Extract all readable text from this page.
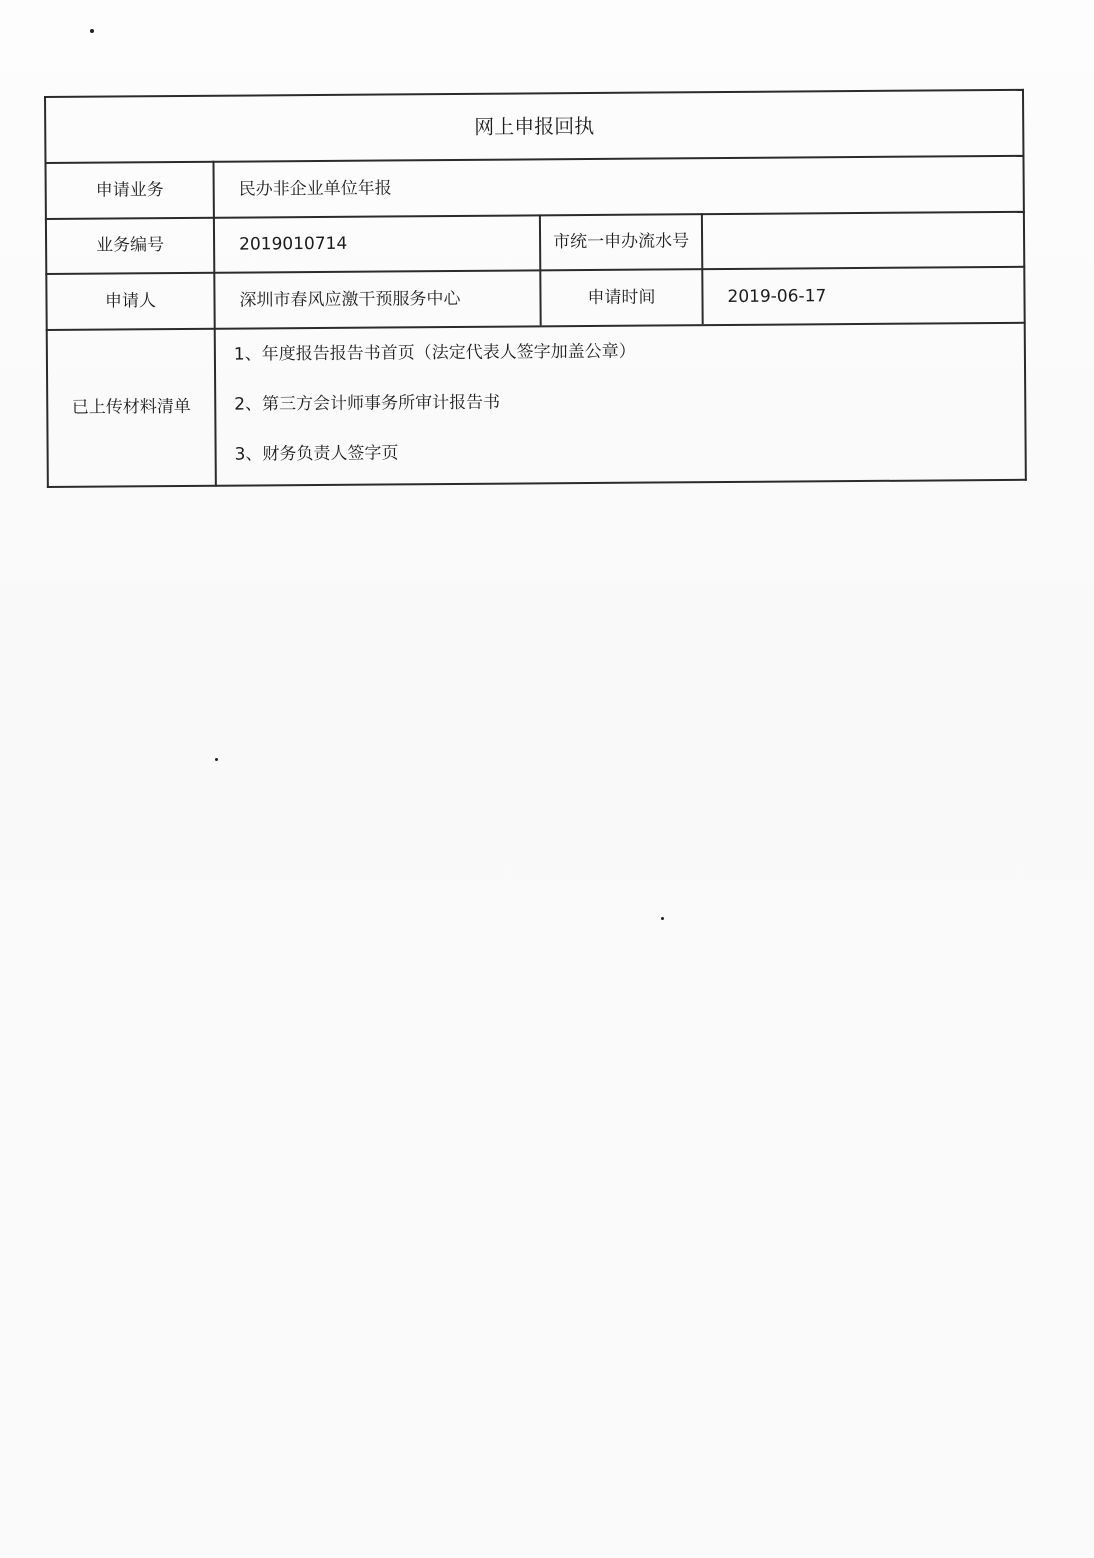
网上申报回执
申请业务	民办非企业单位年报
业务编号	2019010714	市统一申办流水号
申请人	深圳市春风应激干预服务中心	申请时间	2019-06-17
已上传材料清单
1、年度报告报告书首页（法定代表人签字加盖公章）
2、第三方会计师事务所审计报告书
3、财务负责人签字页
